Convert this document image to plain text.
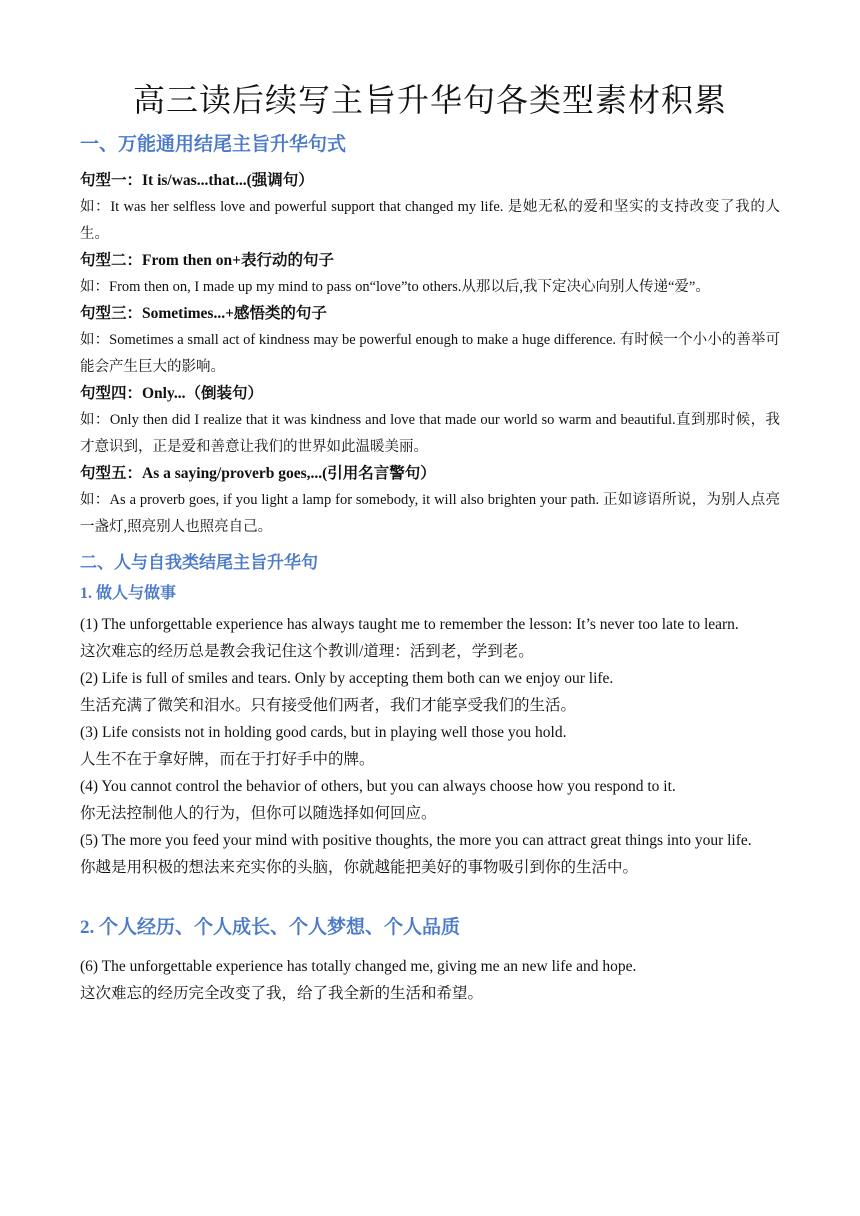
高三读后续写主旨升华句各类型素材积累
一、万能通用结尾主旨升华句式

句型一：It is/was...that...(强调句）

如：It was her selfless love and powerful support that changed my life. 是她无私的爱和坚实的支持改变了我的人生。

句型二：From then on+表行动的句子

如：From then on, I made up my mind to pass on“love”to others.从那以后,我下定决心向别人传递“爱”。

句型三：Sometimes...+感悟类的句子

如：Sometimes a small act of kindness may be powerful enough to make a huge difference. 有时候一个小小的善举可能会产生巨大的影响。

句型四：Only...（倒装句）

如：Only then did I realize that it was kindness and love that made our world so warm and beautiful.直到那时候，我才意识到，正是爱和善意让我们的世界如此温暖美丽。

句型五：As a saying/proverb goes,...(引用名言警句）

如：As a proverb goes, if you light a lamp for somebody, it will also brighten your path. 正如谚语所说，为别人点亮一盏灯,照亮别人也照亮自己。

二、人与自我类结尾主旨升华句
1. 做人与做事

(1) The unforgettable experience has always taught me to remember the lesson: It’s never too late to learn.

这次难忘的经历总是教会我记住这个教训/道理：活到老，学到老。

(2) Life is full of smiles and tears. Only by accepting them both can we enjoy our life.

生活充满了微笑和泪水。只有接受他们两者，我们才能享受我们的生活。

(3) Life consists not in holding good cards, but in playing well those you hold.

人生不在于拿好牌，而在于打好手中的牌。

(4) You cannot control the behavior of others, but you can always choose how you respond to it.

你无法控制他人的行为，但你可以随选择如何回应。

(5) The more you feed your mind with positive thoughts, the more you can attract great things into your life.

你越是用积极的想法来充实你的头脑，你就越能把美好的事物吸引到你的生活中。

2. 个人经历、个人成长、个人梦想、个人品质

(6) The unforgettable experience has totally changed me, giving me an new life and hope.

这次难忘的经历完全改变了我，给了我全新的生活和希望。
